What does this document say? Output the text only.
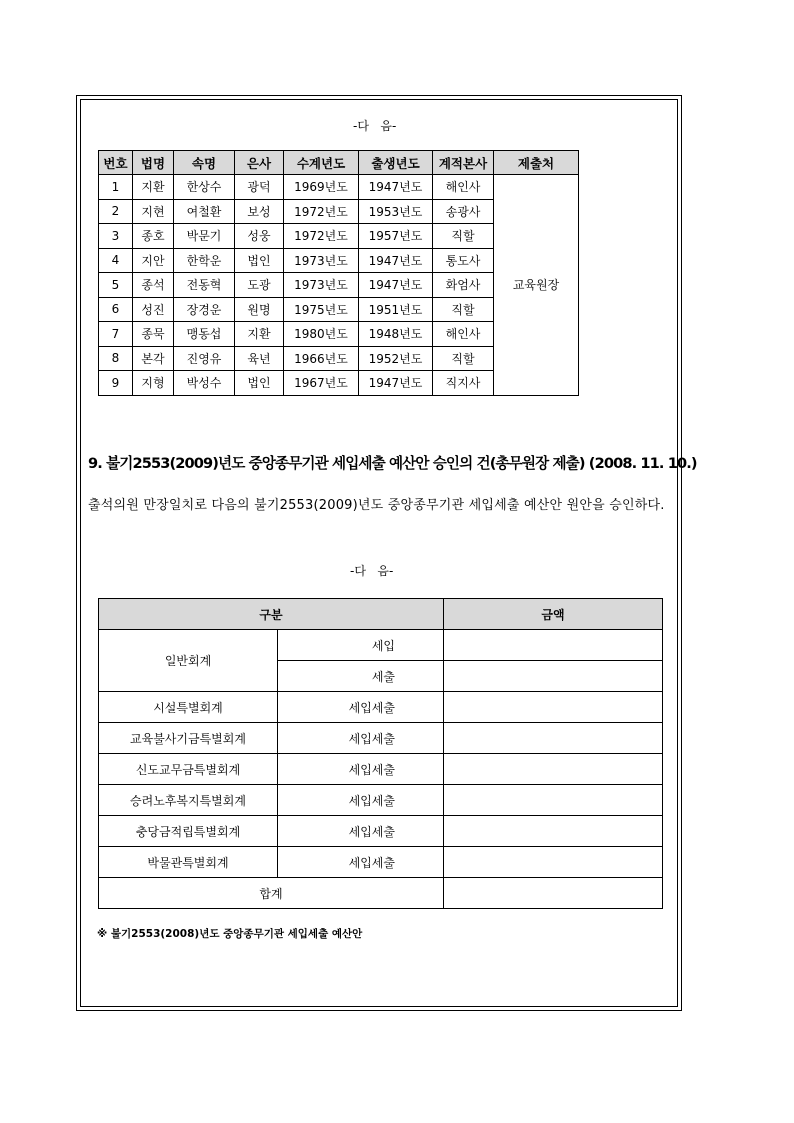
-다   음-
번호	법명	속명	은사	수계년도	출생년도	계적본사	제출처
1	지환	한상수	광덕	1969년도	1947년도	해인사	교육원장
2	지현	여철환	보성	1972년도	1953년도	송광사	
3	종호	박문기	성웅	1972년도	1957년도	직할	
4	지안	한학운	법인	1973년도	1947년도	통도사	
5	종석	전동혁	도광	1973년도	1947년도	화엄사	
6	성진	장경운	원명	1975년도	1951년도	직할	
7	종묵	맹동섭	지환	1980년도	1948년도	해인사	
8	본각	진영유	육년	1966년도	1952년도	직할	
9	지형	박성수	법인	1967년도	1947년도	직지사	
9. 불기2553(2009)년도 중앙종무기관 세입세출 예산안 승인의 건(총무원장 제출) (2008. 11. 10.)
출석의원 만장일치로 다음의 불기2553(2009)년도 중앙종무기관 세입세출 예산안 원안을 승인하다.
-다   음-
구분		금액
일반회계	세입	
	세출	
시설특별회계	세입세출	
교육불사기금특별회계	세입세출	
신도교무금특별회계	세입세출	
승려노후복지특별회계	세입세출	
충당금적립특별회계	세입세출	
박물관특별회계	세입세출	
합계		
※ 불기2553(2008)년도 중앙종무기관 세입세출 예산안
